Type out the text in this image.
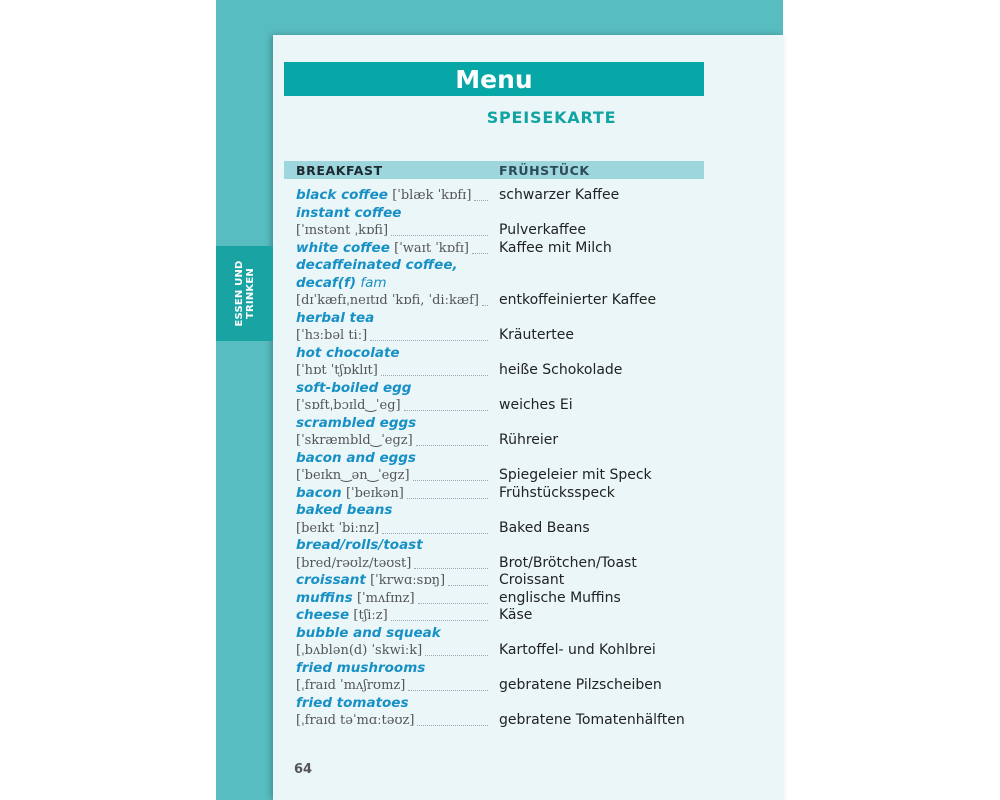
ESSEN UND TRINKEN
Menu
SPEISEKARTE
BREAKFAST	FRÜHSTÜCK
black coffee [ˈblæk ˈkɒfɪ] schwarzer Kaffee
instant coffee
[ˈɪnstənt ˌkɒfi]	Pulverkaffee
white coffee [ˈwaɪt ˈkɒfɪ] Kaffee mit Milch
decaffeinated coffee,
decaf(f) fam
[dɪˈkæfɪˌneɪtɪd ˈkɒfi, ˈdiːkæf] entkoffeinierter Kaffee
herbal tea
[ˈhɜːbəl tiː]	Kräutertee
hot chocolate
[ˈhɒt ˈtʃɒklɪt]	heiße Schokolade
soft-boiled egg
[ˈsɒftˌbɔɪld‿ˈeg]	weiches Ei
scrambled eggs
[ˈskræmbld‿ˈegz]	Rühreier
bacon and eggs
[ˈbeɪkn‿ən‿ˈegz]	Spiegeleier mit Speck
bacon [ˈbeɪkən]	Frühstücksspeck
baked beans
[beɪkt ˈbiːnz]	Baked Beans
bread/rolls/toast
[bred/rəʊlz/təʊst]	Brot/Brötchen/Toast
croissant [ˈkrwɑːsɒŋ]	Croissant
muffins [ˈmʌfɪnz]	englische Muffins
cheese [tʃiːz]	Käse
bubble and squeak
[ˌbʌblən(d) ˈskwiːk]	Kartoffel- und Kohlbrei
fried mushrooms
[ˌfraɪd ˈmʌʃrʊmz]	gebratene Pilzscheiben
fried tomatoes
[ˌfraɪd təˈmɑːtəʊz]	gebratene Tomatenhälften
64
